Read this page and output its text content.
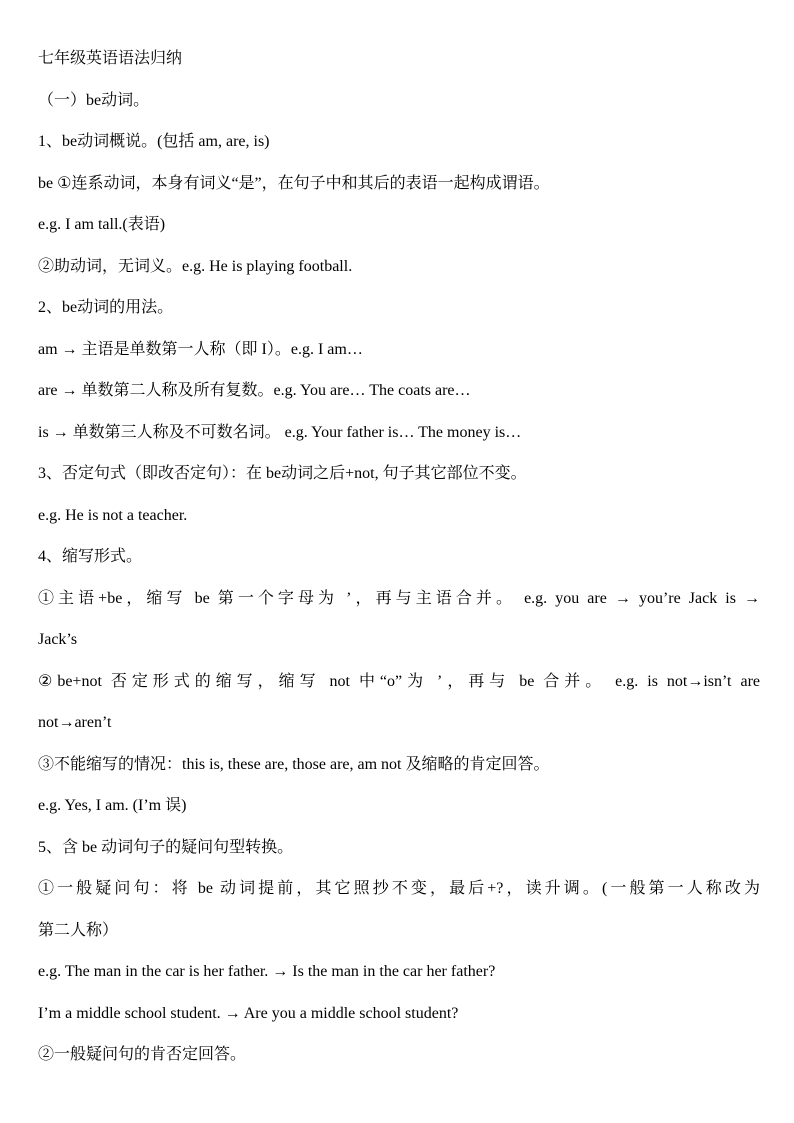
七年级英语语法归纳
（一）be动词。
1、be动词概说。(包括 am, are, is)
be ①连系动词，本身有词义“是”，在句子中和其后的表语一起构成谓语。
e.g. I am tall.(表语)
②助动词，无词义。e.g. He is playing football.
2、be动词的用法。
am → 主语是单数第一人称（即 I）。e.g. I am…
are → 单数第二人称及所有复数。e.g. You are… The coats are…
is → 单数第三人称及不可数名词。 e.g. Your father is… The money is…
3、否定句式（即改否定句）：在 be动词之后+not, 句子其它部位不变。
e.g. He is not a teacher.
4、缩写形式。
①主语+be，缩写 be 第一个字母为 ’，再与主语合并。 e.g. you are → you’re Jack is →
Jack’s
②be+not 否定形式的缩写，缩写 not 中“o”为 ’，再与 be 合并。 e.g. is not→isn’t are
not→aren’t
③不能缩写的情况：this is, these are, those are, am not 及缩略的肯定回答。
e.g. Yes, I am. (I’m 误)
5、含 be 动词句子的疑问句型转换。
①一般疑问句：将 be 动词提前，其它照抄不变，最后+?，读升调。(一般第一人称改为
第二人称）
e.g. The man in the car is her father. → Is the man in the car her father?
I’m a middle school student. → Are you a middle school student?
②一般疑问句的肯否定回答。
